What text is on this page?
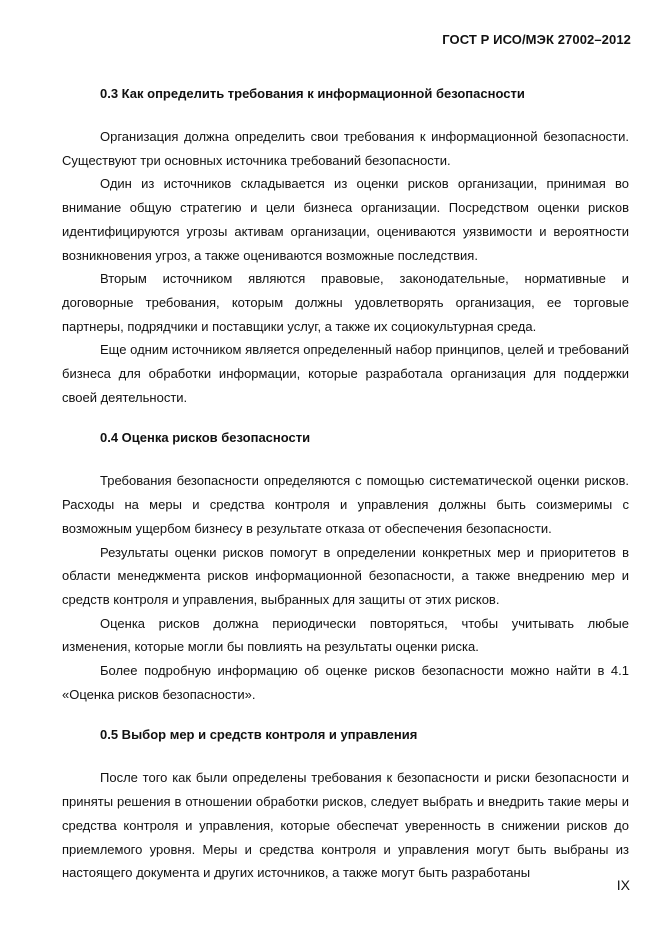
ГОСТ Р ИСО/МЭК 27002–2012

0.3 Как определить требования к информационной безопасности

Организация должна определить свои требования к информационной безопасности. Существуют три основных источника требований безопасности.

Один из источников складывается из оценки рисков организации, принимая во внимание общую стратегию и цели бизнеса организации. Посредством оценки рисков идентифицируются угрозы активам организации, оцениваются уязвимости и вероятности возникновения угроз, а также оцениваются возможные последствия.

Вторым источником являются правовые, законодательные, нормативные и договорные требования, которым должны удовлетворять организация, ее торговые партнеры, подрядчики и поставщики услуг, а также их социокультурная среда.

Еще одним источником является определенный набор принципов, целей и требований бизнеса для обработки информации, которые разработала организация для поддержки своей деятельности.

0.4 Оценка рисков безопасности

Требования безопасности определяются с помощью систематической оценки рисков. Расходы на меры и средства контроля и управления должны быть соизмеримы с возможным ущербом бизнесу в результате отказа от обеспечения безопасности.

Результаты оценки рисков помогут в определении конкретных мер и приоритетов в области менеджмента рисков информационной безопасности, а также внедрению мер и средств контроля и управления, выбранных для защиты от этих рисков.

Оценка рисков должна периодически повторяться, чтобы учитывать любые изменения, которые могли бы повлиять на результаты оценки риска.

Более подробную информацию об оценке рисков безопасности можно найти в 4.1 «Оценка рисков безопасности».

0.5 Выбор мер и средств контроля и управления

После того как были определены требования к безопасности и риски безопасности и приняты решения в отношении обработки рисков, следует выбрать и внедрить такие меры и средства контроля и управления, которые обеспечат уверенность в снижении рисков до приемлемого уровня. Меры и средства контроля и управления могут быть выбраны из настоящего документа и других источников, а также могут быть разработаны

IX
